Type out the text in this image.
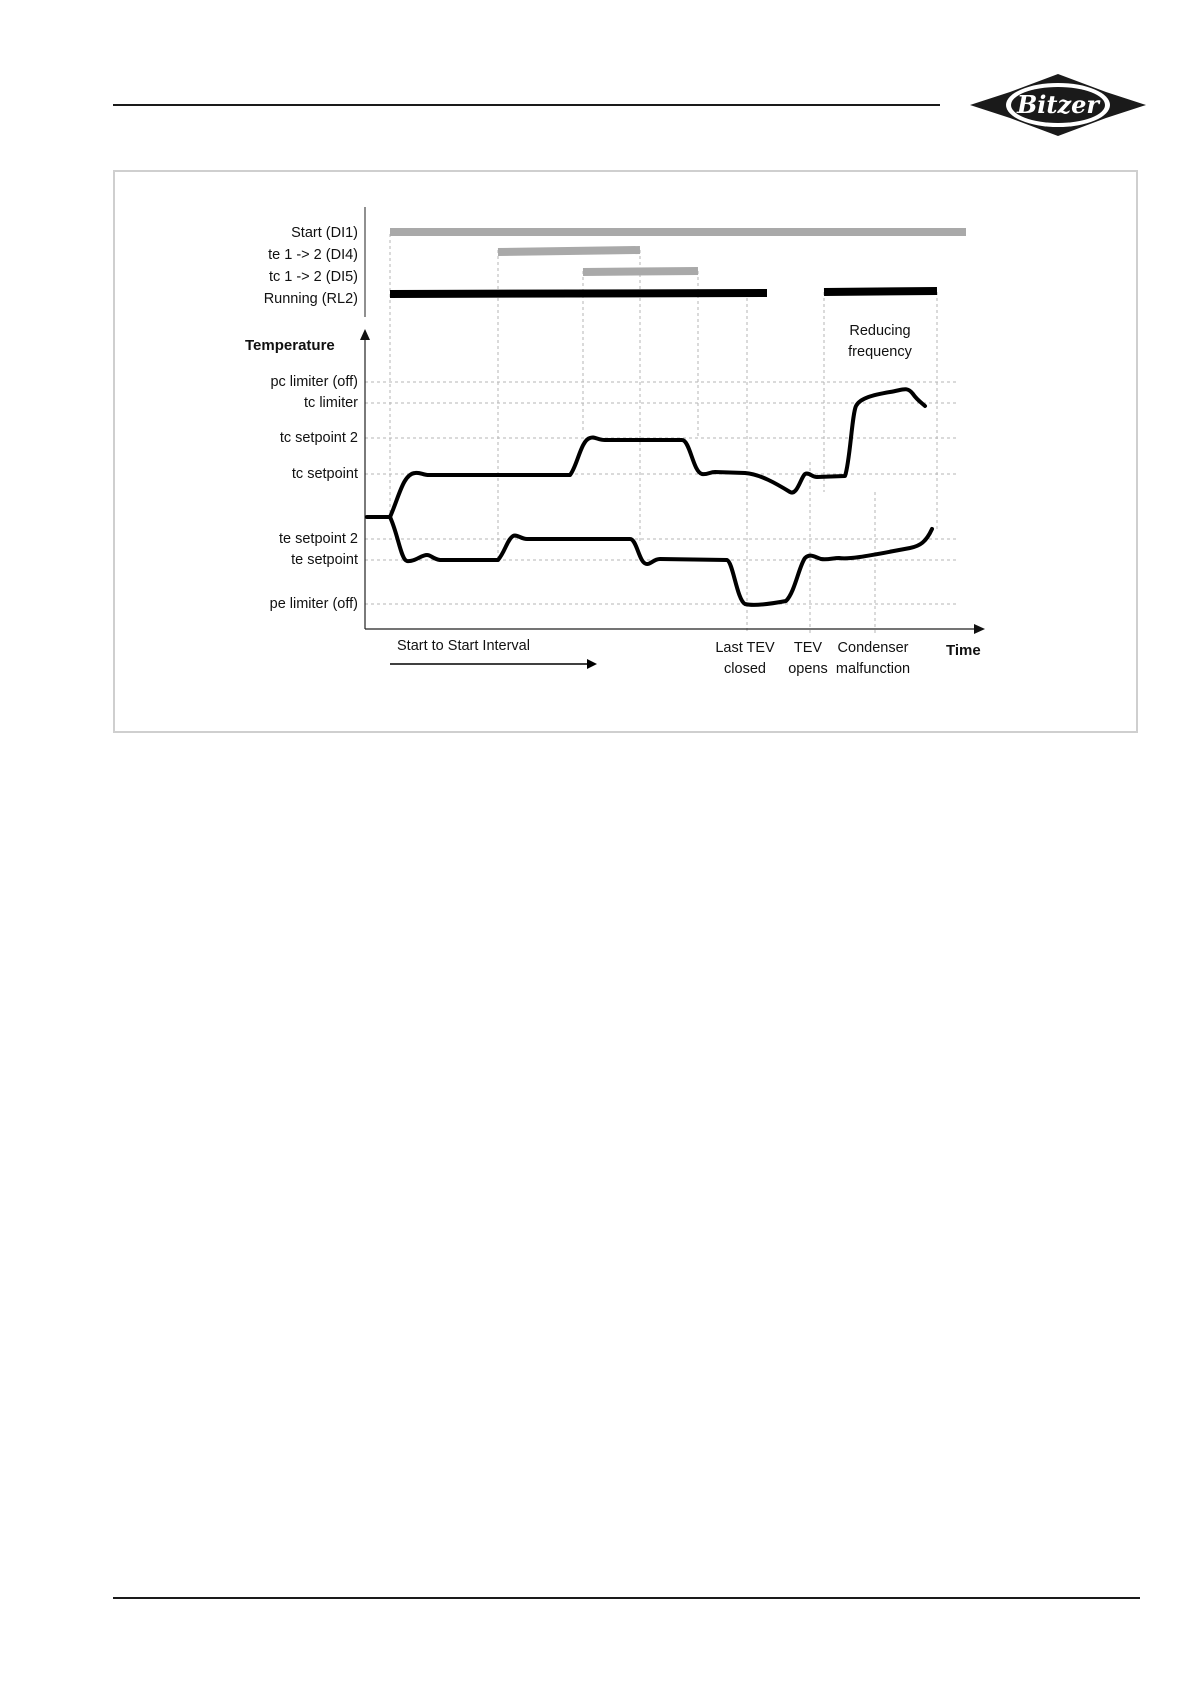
Bitzer
Start (DI1)
te 1 -> 2 (DI4)
tc 1 -> 2 (DI5)
Running (RL2)
Temperature
Time
pc limiter (off)
tc limiter
tc setpoint 2
tc setpoint
te setpoint 2
te setpoint
pe limiter (off)
Start to Start Interval
Reducing
frequency
Last TEV
closed
TEV
opens
Condenser
malfunction
